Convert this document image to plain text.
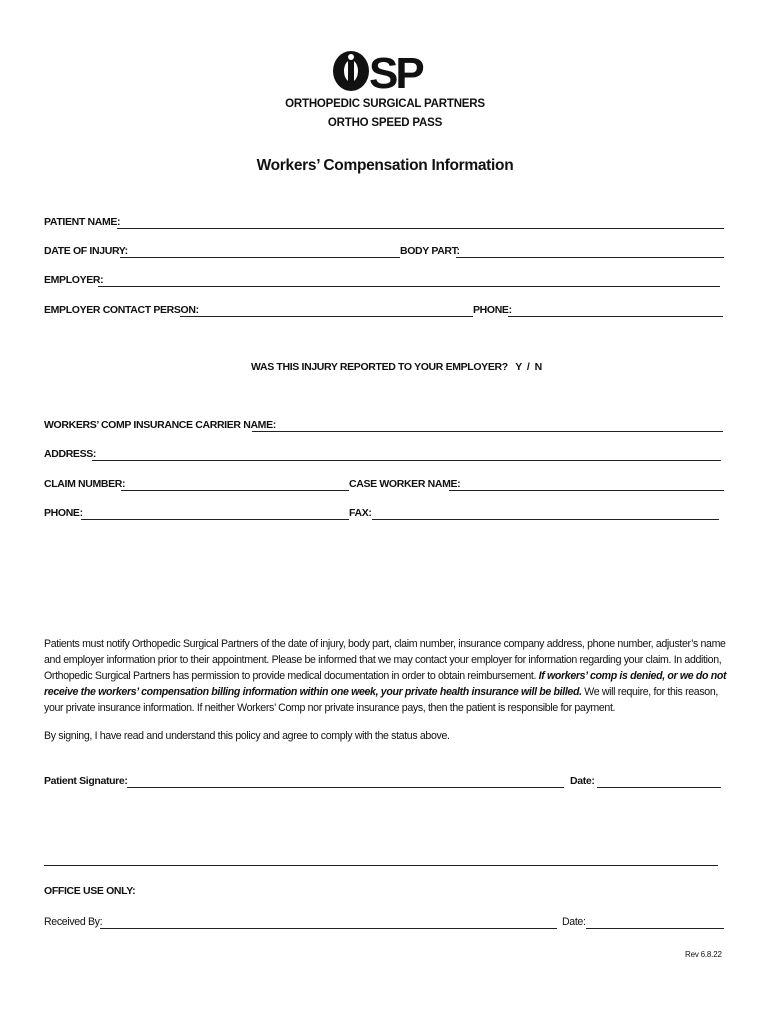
SP
ORTHOPEDIC SURGICAL PARTNERS
ORTHO SPEED PASS
Workers’ Compensation Information
PATIENT NAME:
DATE OF INJURY:	BODY PART:
EMPLOYER:
EMPLOYER CONTACT PERSON:	PHONE:
WAS THIS INJURY REPORTED TO YOUR EMPLOYER?   Y  /  N
WORKERS’ COMP INSURANCE CARRIER NAME:
ADDRESS:
CLAIM NUMBER:	CASE WORKER NAME:
PHONE:	FAX:
Patients must notify Orthopedic Surgical Partners of the date of injury, body part, claim number, insurance company address, phone number, adjuster’s name and employer information prior to their appointment. Please be informed that we may contact your employer for information regarding your claim. In addition, Orthopedic Surgical Partners has permission to provide medical documentation in order to obtain reimbursement. If workers’ comp is denied, or we do not receive the workers’ compensation billing information within one week, your private health insurance will be billed. We will require, for this reason, your private insurance information. If neither Workers’ Comp nor private insurance pays, then the patient is responsible for payment.
By signing, I have read and understand this policy and agree to comply with the status above.
Patient Signature:	Date:
OFFICE USE ONLY:
Received By:	Date:
Rev 6.8.22
